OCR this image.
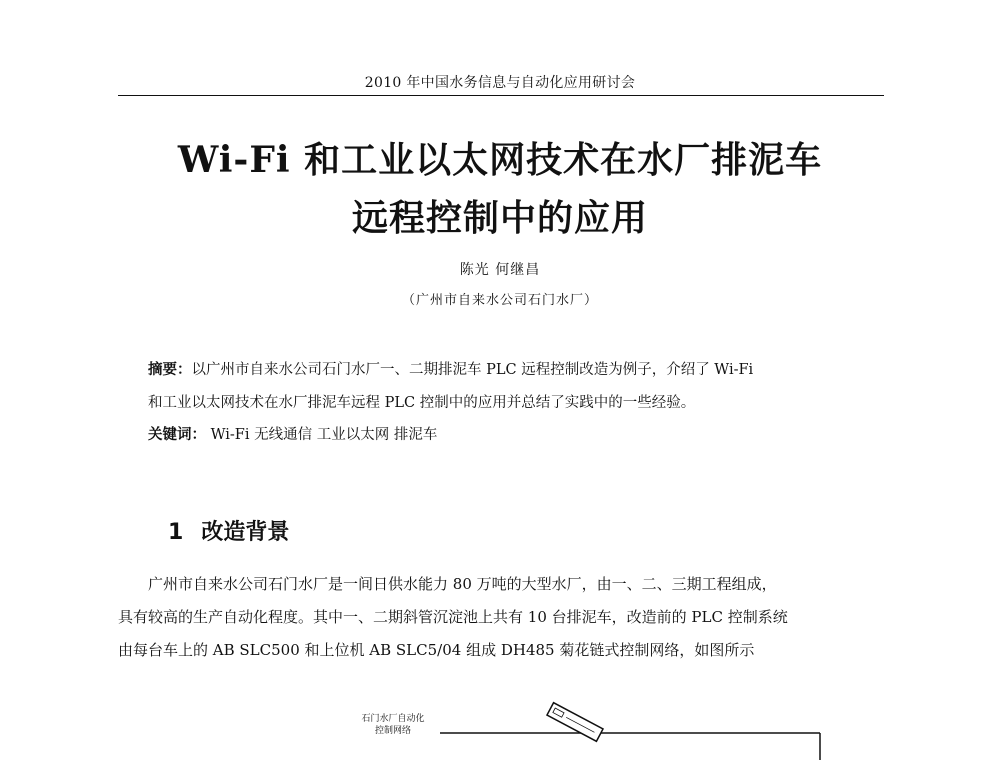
2010 年中国水务信息与自动化应用研讨会
Wi-Fi 和工业以太网技术在水厂排泥车
远程控制中的应用
陈光 何继昌
（广州市自来水公司石门水厂）
摘要：以广州市自来水公司石门水厂一、二期排泥车 PLC 远程控制改造为例子，介绍了 Wi-Fi
和工业以太网技术在水厂排泥车远程 PLC 控制中的应用并总结了实践中的一些经验。
关键词： Wi-Fi 无线通信 工业以太网 排泥车
1 改造背景
广州市自来水公司石门水厂是一间日供水能力 80 万吨的大型水厂，由一、二、三期工程组成，
具有较高的生产自动化程度。其中一、二期斜管沉淀池上共有 10 台排泥车，改造前的 PLC 控制系统
由每台车上的 AB SLC500 和上位机 AB SLC5/04 组成 DH485 菊花链式控制网络，如图所示
石门水厂自动化
控制网络
